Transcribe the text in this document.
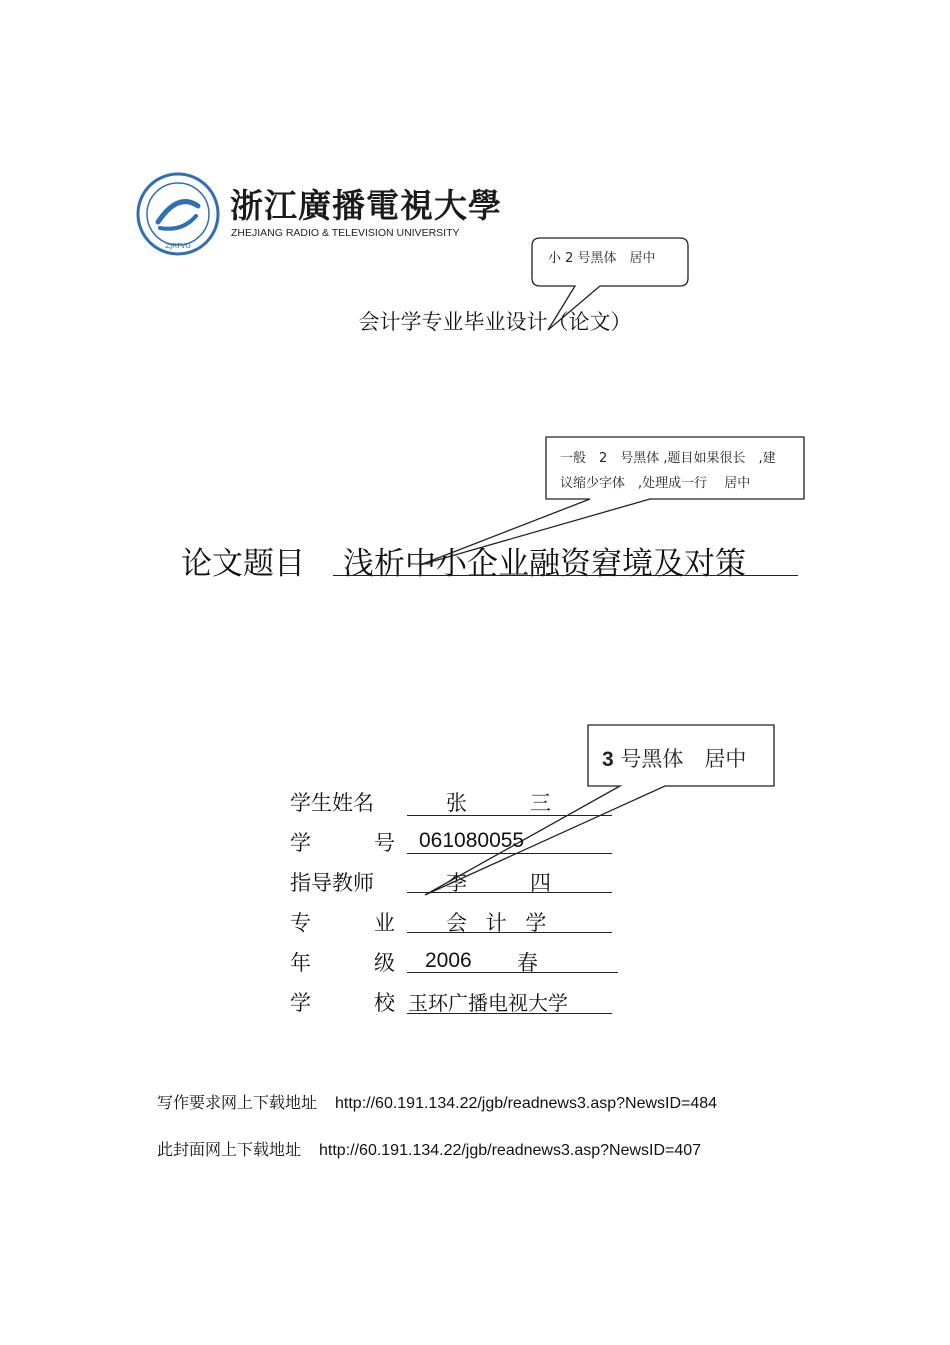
ZJRTVU
浙江廣播電視大學
ZHEJIANG RADIO & TELEVISION UNIVERSITY
小 2 号黑体　居中
一般　2　号黑体 ,题目如果很长　,建
议缩少字体　,处理成一行　 居中
3 号黑体　居中
会计学专业毕业设计（论文）
论文题目 浅析中小企业融资窘境及对策
学生姓名	张　　　三
学　　　号 061080055
指导教师	李　　　四
专　　　业 会 计 学
年　　　级 2006 春
学　　　校 玉环广播电视大学
写作要求网上下载地址 http://60.191.134.22/jgb/readnews3.asp?NewsID=484
此封面网上下载地址 http://60.191.134.22/jgb/readnews3.asp?NewsID=407
